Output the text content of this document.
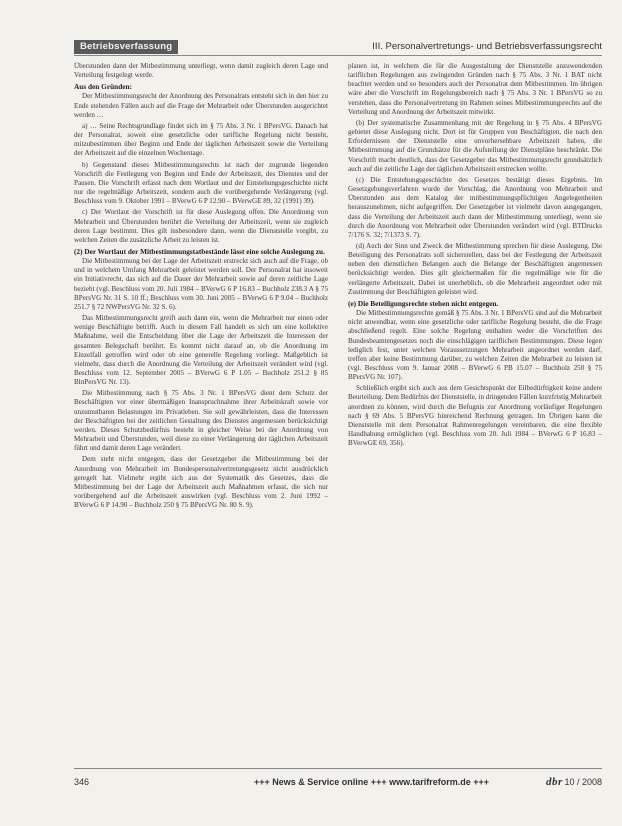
Betriebsverfassung	III. Personalvertretungs- und Betriebsverfassungsrecht

Überstunden dann der Mitbestimmung unterliegt, wenn damit zugleich deren Lage und Verteilung festgelegt werde.

Aus den Gründen:

Der Mitbestimmungsrecht der Anordnung des Personalrats entsteht sich in den hier zu Ende stehenden Fällen auch auf die Frage der Mehrarbeit oder Überstunden ausgerichtet werden …

a) … Seine Rechtsgrundlage findet sich im § 75 Abs. 3 Nr. 1 BPersVG. Danach hat der Personalrat, soweit eine gesetzliche oder tarifliche Regelung nicht besteht, mitzubestimmen über Beginn und Ende der täglichen Arbeitszeit sowie die Verteilung der Arbeitszeit auf die einzelnen Wochentage.

b) Gegenstand dieses Mitbestimmungsrechts ist nach der zugrunde liegenden Vorschrift die Festlegung von Beginn und Ende der Arbeitszeit, des Dienstes und der Pausen. Die Vorschrift erfasst nach dem Wortlaut und der Entstehungsgeschichte nicht nur die regelmäßige Arbeitszeit, sondern auch die vorübergehende Verlängerung (vgl. Beschluss vom 9. Oktober 1991 – BVerwG 6 P 12.90 – BVerwGE 89, 32 (1991) 39).

c) Der Wortlaut der Vorschrift ist für diese Auslegung offen. Die Anordnung von Mehrarbeit und Überstunden berührt die Verteilung der Arbeitszeit, wenn sie zugleich deren Lage bestimmt. Dies gilt insbesondere dann, wenn die Dienststelle vorgibt, zu welchen Zeiten die zusätzliche Arbeit zu leisten ist.

(2) Der Wortlaut der Mitbestimmungstatbestände lässt eine solche Auslegung zu.

Die Mitbestimmung bei der Lage der Arbeitszeit erstreckt sich auch auf die Frage, ob und in welchem Umfang Mehrarbeit geleistet werden soll. Der Personalrat hat insoweit ein Initiativrecht, das sich auf die Dauer der Mehrarbeit sowie auf deren zeitliche Lage bezieht (vgl. Beschluss vom 20. Juli 1984 – BVerwG 6 P 16.83 – Buchholz 238.3 A § 75 BPersVG Nr. 31 S. 10 ff.; Beschluss vom 30. Juni 2005 – BVerwG 6 P 9.04 – Buchholz 251.7 § 72 NWPersVG Nr. 32 S. 6).

Das Mitbestimmungsrecht greift auch dann ein, wenn die Mehrarbeit nur einen oder wenige Beschäftigte betrifft. Auch in diesem Fall handelt es sich um eine kollektive Maßnahme, weil die Entscheidung über die Lage der Arbeitszeit die Interessen der gesamten Belegschaft berührt. Es kommt nicht darauf an, ob die Anordnung im Einzelfall getroffen wird oder ob eine generelle Regelung vorliegt. Maßgeblich ist vielmehr, dass durch die Anordnung die Verteilung der Arbeitszeit verändert wird (vgl. Beschluss vom 12. September 2005 – BVerwG 6 P 1.05 – Buchholz 251.2 § 85 BlnPersVG Nr. 13).

Die Mitbestimmung nach § 75 Abs. 3 Nr. 1 BPersVG dient dem Schutz der Beschäftigten vor einer übermäßigen Inanspruchnahme ihrer Arbeitskraft sowie vor unzumutbaren Belastungen im Privatleben. Sie soll gewährleisten, dass die Interessen der Beschäftigten bei der zeitlichen Gestaltung des Dienstes angemessen berücksichtigt werden. Dieses Schutzbedürfnis besteht in gleicher Weise bei der Anordnung von Mehrarbeit und Überstunden, weil diese zu einer Verlängerung der täglichen Arbeitszeit führt und damit deren Lage verändert.

Dem steht nicht entgegen, dass der Gesetzgeber die Mitbestimmung bei der Anordnung von Mehrarbeit im Bundespersonalvertretungsgesetz nicht ausdrücklich geregelt hat. Vielmehr ergibt sich aus der Systematik des Gesetzes, dass die Mitbestimmung bei der Lage der Arbeitszeit auch Maßnahmen erfasst, die sich nur vorübergehend auf die Arbeitszeit auswirken (vgl. Beschluss vom 2. Juni 1992 – BVerwG 6 P 14.90 – Buchholz 250 § 75 BPersVG Nr. 80 S. 9).

planen ist, in welchem die für die Ausgestaltung der Dienststelle anzuwendenden tariflichen Regelungen aus zwingenden Gründen nach § 75 Abs. 3 Nr. 1 BAT nicht beachtet werden und so besonders auch der Personalrat dem Mitbestimmen. Im übrigen wäre aber die Vorschrift im Regelungsbereich nach § 75 Abs. 3 Nr. 1 BPersVG so zu verstehen, dass die Personalvertretung im Rahmen seines Mitbestimmungsrechts auf die Verteilung und Anordnung der Arbeitszeit mitwirkt.

(b) Der systematische Zusammenhang mit der Regelung in § 75 Abs. 4 BPersVG gebietet diese Auslegung nicht. Dort ist für Gruppen von Beschäftigten, die nach den Erfordernissen der Dienststelle eine unvorhersehbare Arbeitszeit haben, die Mitbestimmung auf die Grundsätze für die Aufstellung der Dienstpläne beschränkt. Die Vorschrift macht deutlich, dass der Gesetzgeber das Mitbestimmungsrecht grundsätzlich auch auf die zeitliche Lage der täglichen Arbeitszeit erstrecken wollte.

(c) Die Entstehungsgeschichte des Gesetzes bestätigt dieses Ergebnis. Im Gesetzgebungsverfahren wurde der Vorschlag, die Anordnung von Mehrarbeit und Überstunden aus dem Katalog der mitbestimmungspflichtigen Angelegenheiten herauszunehmen, nicht aufgegriffen. Der Gesetzgeber ist vielmehr davon ausgegangen, dass die Verteilung der Arbeitszeit auch dann der Mitbestimmung unterliegt, wenn sie durch die Anordnung von Mehrarbeit oder Überstunden verändert wird (vgl. BTDrucks 7/176 S. 32; 7/1373 S. 7).

(d) Auch der Sinn und Zweck der Mitbestimmung sprechen für diese Auslegung. Die Beteiligung des Personalrats soll sicherstellen, dass bei der Festlegung der Arbeitszeit neben den dienstlichen Belangen auch die Belange der Beschäftigten angemessen berücksichtigt werden. Dies gilt gleichermaßen für die regelmäßige wie für die verlängerte Arbeitszeit. Dabei ist unerheblich, ob die Mehrarbeit angeordnet oder mit Zustimmung der Beschäftigten geleistet wird.

(e) Die Beteiligungsrechte stehen nicht entgegen.

Die Mitbestimmungsrechte gemäß § 75 Abs. 3 Nr. 1 BPersVG sind auf die Mehrarbeit nicht anwendbar, wenn eine gesetzliche oder tarifliche Regelung besteht, die die Frage abschließend regelt. Eine solche Regelung enthalten weder die Vorschriften des Bundesbeamtengesetzes noch die einschlägigen tariflichen Bestimmungen. Diese legen lediglich fest, unter welchen Voraussetzungen Mehrarbeit angeordnet werden darf, treffen aber keine Bestimmung darüber, zu welchen Zeiten die Mehrarbeit zu leisten ist (vgl. Beschluss vom 9. Januar 2008 – BVerwG 6 PB 15.07 – Buchholz 250 § 75 BPersVG Nr. 107).

Schließlich ergibt sich auch aus dem Gesichtspunkt der Eilbedürftigkeit keine andere Beurteilung. Dem Bedürfnis der Dienststelle, in dringenden Fällen kurzfristig Mehrarbeit anordnen zu können, wird durch die Befugnis zur Anordnung vorläufiger Regelungen nach § 69 Abs. 5 BPersVG hinreichend Rechnung getragen. Im Übrigen kann die Dienststelle mit dem Personalrat Rahmenregelungen vereinbaren, die eine flexible Handhabung ermöglichen (vgl. Beschluss vom 20. Juli 1984 – BVerwG 6 P 16.83 – BVerwGE 69, 356).

346	+++ News & Service online +++ www.tarifreform.de +++	dbr 10 / 2008
